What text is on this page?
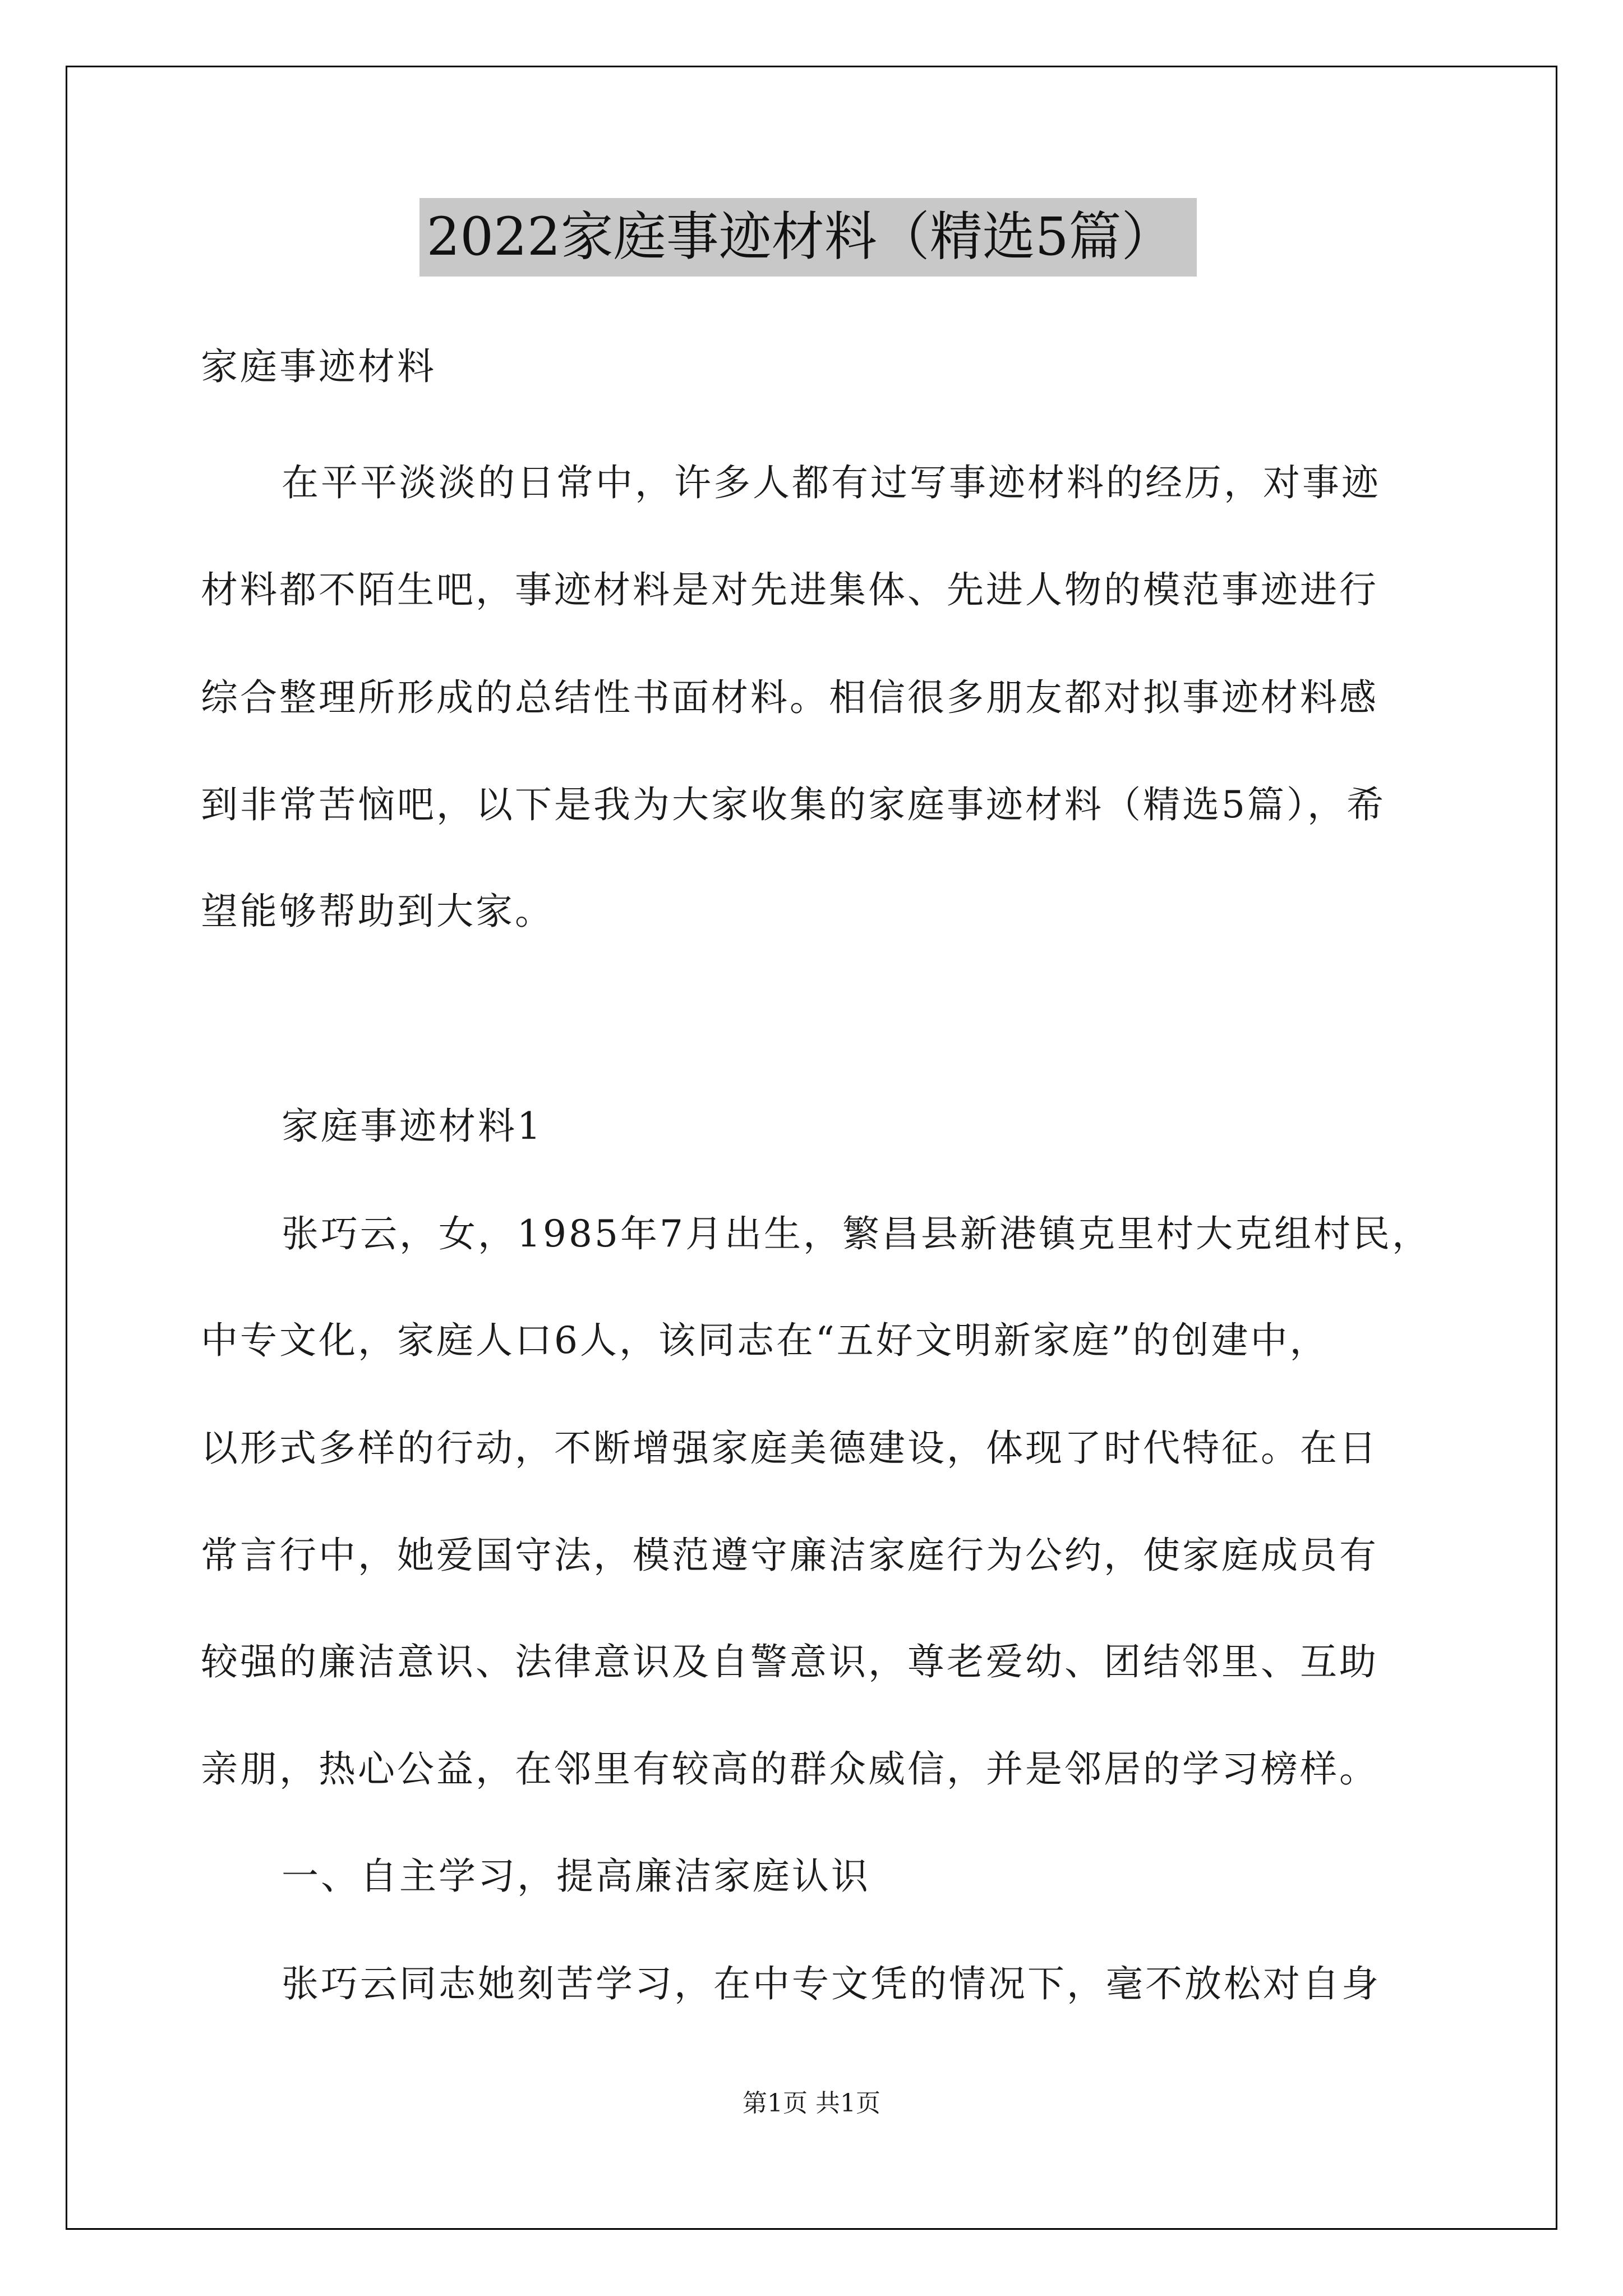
2022家庭事迹材料（精选5篇）
家庭事迹材料
在平平淡淡的日常中，许多人都有过写事迹材料的经历，对事迹
材料都不陌生吧，事迹材料是对先进集体、先进人物的模范事迹进行
综合整理所形成的总结性书面材料。相信很多朋友都对拟事迹材料感
到非常苦恼吧，以下是我为大家收集的家庭事迹材料（精选5篇），希
望能够帮助到大家。
家庭事迹材料1
张巧云，女，1985年7月出生，繁昌县新港镇克里村大克组村民，
中专文化，家庭人口6人，该同志在“五好文明新家庭”的创建中，
以形式多样的行动，不断增强家庭美德建设，体现了时代特征。在日
常言行中，她爱国守法，模范遵守廉洁家庭行为公约，使家庭成员有
较强的廉洁意识、法律意识及自警意识，尊老爱幼、团结邻里、互助
亲朋，热心公益，在邻里有较高的群众威信，并是邻居的学习榜样。
一、自主学习，提高廉洁家庭认识
张巧云同志她刻苦学习，在中专文凭的情况下，毫不放松对自身
第1页 共1页
